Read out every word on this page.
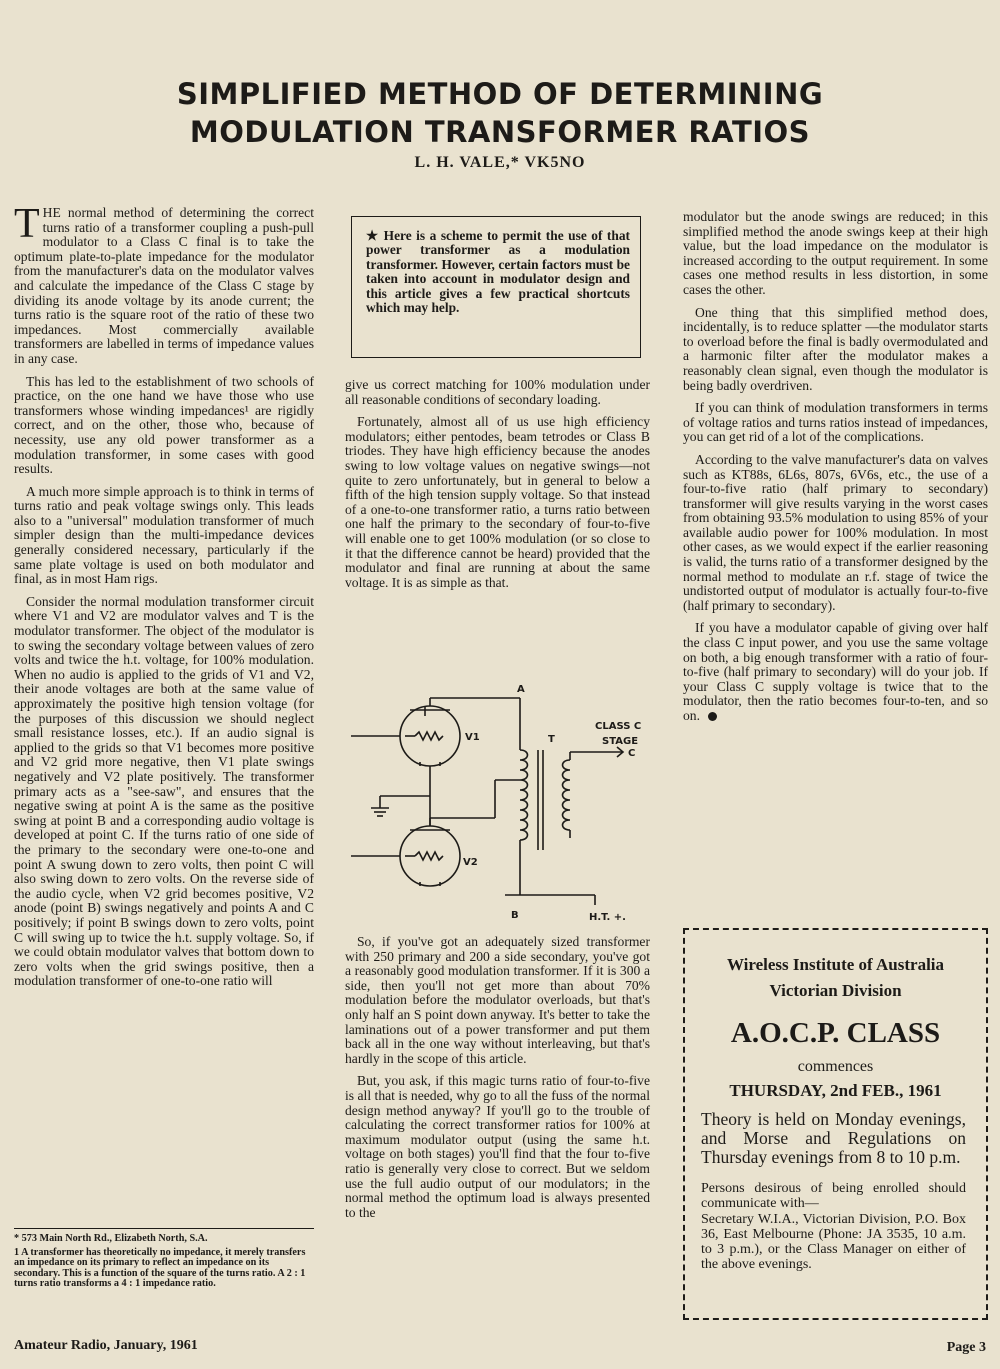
SIMPLIFIED METHOD OF DETERMINING
MODULATION TRANSFORMER RATIOS
L. H. VALE,* VK5NO

THE normal method of determining the correct turns ratio of a transformer coupling a push-pull modulator to a Class C final is to take the optimum plate-to-plate impedance for the modulator from the manufacturer's data on the modulator valves and calculate the impedance of the Class C stage by dividing its anode voltage by its anode current; the turns ratio is the square root of the ratio of these two impedances. Most commercially available transformers are labelled in terms of impedance values in any case.

This has led to the establishment of two schools of practice, on the one hand we have those who use transformers whose winding impedances¹ are rigidly correct, and on the other, those who, because of necessity, use any old power transformer as a modulation transformer, in some cases with good results.

A much more simple approach is to think in terms of turns ratio and peak voltage swings only. This leads also to a "universal" modulation transformer of much simpler design than the multi-impedance devices generally considered necessary, particularly if the same plate voltage is used on both modulator and final, as in most Ham rigs.

Consider the normal modulation transformer circuit where V1 and V2 are modulator valves and T is the modulator transformer. The object of the modulator is to swing the secondary voltage between values of zero volts and twice the h.t. voltage, for 100% modulation. When no audio is applied to the grids of V1 and V2, their anode voltages are both at the same value of approximately the positive high tension voltage (for the purposes of this discussion we should neglect small resistance losses, etc.). If an audio signal is applied to the grids so that V1 becomes more positive and V2 grid more negative, then V1 plate swings negatively and V2 plate positively. The transformer primary acts as a "see-saw", and ensures that the negative swing at point A is the same as the positive swing at point B and a corresponding audio voltage is developed at point C. If the turns ratio of one side of the primary to the secondary were one-to-one and point A swung down to zero volts, then point C will also swing down to zero volts. On the reverse side of the audio cycle, when V2 grid becomes positive, V2 anode (point B) swings negatively and points A and C positively; if point B swings down to zero volts, point C will swing up to twice the h.t. supply voltage. So, if we could obtain modulator valves that bottom down to zero volts when the grid swings positive, then a modulation transformer of one-to-one ratio will

* 573 Main North Rd., Elizabeth North, S.A.

1 A transformer has theoretically no impedance, it merely transfers an impedance on its primary to reflect an impedance on its secondary. This is a function of the square of the turns ratio. A 2 : 1 turns ratio transforms a 4 : 1 impedance ratio.

★ Here is a scheme to permit the use of that power transformer as a modulation transformer. However, certain factors must be taken into account in modulator design and this article gives a few practical shortcuts which may help.

give us correct matching for 100% modulation under all reasonable conditions of secondary loading.

Fortunately, almost all of us use high efficiency modulators; either pentodes, beam tetrodes or Class B triodes. They have high efficiency because the anodes swing to low voltage values on negative swings—not quite to zero unfortunately, but in general to below a fifth of the high tension supply voltage. So that instead of a one-to-one transformer ratio, a turns ratio between one half the primary to the secondary of four-to-five will enable one to get 100% modulation (or so close to it that the difference cannot be heard) provided that the modulator and final are running at about the same voltage. It is as simple as that.

A
B
V1
V2
T
C
CLASS C
STAGE
H.T. +.

So, if you've got an adequately sized transformer with 250 primary and 200 a side secondary, you've got a reasonably good modulation transformer. If it is 300 a side, then you'll not get more than about 70% modulation before the modulator overloads, but that's only half an S point down anyway. It's better to take the laminations out of a power transformer and put them back all in the one way without interleaving, but that's hardly in the scope of this article.

But, you ask, if this magic turns ratio of four-to-five is all that is needed, why go to all the fuss of the normal design method anyway? If you'll go to the trouble of calculating the correct transformer ratios for 100% at maximum modulator output (using the same h.t. voltage on both stages) you'll find that the four to-five ratio is generally very close to correct. But we seldom use the full audio output of our modulators; in the normal method the optimum load is always presented to the

modulator but the anode swings are reduced; in this simplified method the anode swings keep at their high value, but the load impedance on the modulator is increased according to the output requirement. In some cases one method results in less distortion, in some cases the other.

One thing that this simplified method does, incidentally, is to reduce splatter —the modulator starts to overload before the final is badly overmodulated and a harmonic filter after the modulator makes a reasonably clean signal, even though the modulator is being badly overdriven.

If you can think of modulation transformers in terms of voltage ratios and turns ratios instead of impedances, you can get rid of a lot of the complications.

According to the valve manufacturer's data on valves such as KT88s, 6L6s, 807s, 6V6s, etc., the use of a four-to-five ratio (half primary to secondary) transformer will give results varying in the worst cases from obtaining 93.5% modulation to using 85% of your available audio power for 100% modulation. In most other cases, as we would expect if the earlier reasoning is valid, the turns ratio of a transformer designed by the normal method to modulate an r.f. stage of twice the undistorted output of modulator is actually four-to-five (half primary to secondary).

If you have a modulator capable of giving over half the class C input power, and you use the same voltage on both, a big enough transformer with a ratio of four-to-five (half primary to secondary) will do your job. If your Class C supply voltage is twice that to the modulator, then the ratio becomes four-to-ten, and so on.

Wireless Institute of Australia
Victorian Division
A.O.C.P. CLASS
commences
THURSDAY, 2nd FEB., 1961
Theory is held on Monday evenings, and Morse and Regulations on Thursday evenings from 8 to 10 p.m.
Persons desirous of being enrolled should communicate with—
Secretary W.I.A., Victorian Division, P.O. Box 36, East Melbourne (Phone: JA 3535, 10 a.m. to 3 p.m.), or the Class Manager on either of the above evenings.
Amateur Radio, January, 1961	Page 3
